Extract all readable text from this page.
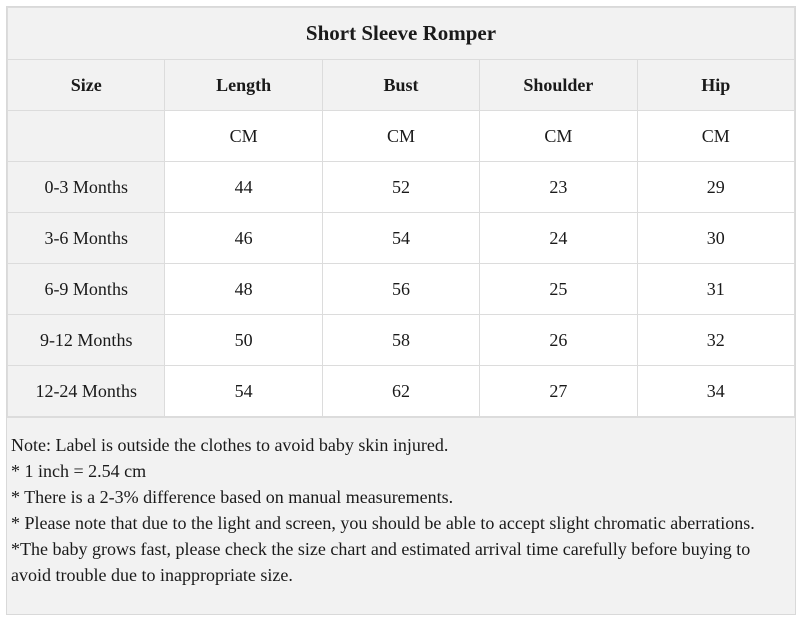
Short Sleeve Romper				
Size	Length	Bust	Shoulder	Hip
	CM	CM	CM	CM
0-3 Months	44	52	23	29
3-6 Months	46	54	24	30
6-9 Months	48	56	25	31
9-12 Months	50	58	26	32
12-24 Months	54	62	27	34
Note: Label is outside the clothes to avoid baby skin injured.
* 1 inch = 2.54 cm
* There is a 2-3% difference based on manual measurements.
* Please note that due to the light and screen, you should be able to accept slight chromatic aberrations.
*The baby grows fast, please check the size chart and estimated arrival time carefully before buying to avoid trouble due to inappropriate size.
